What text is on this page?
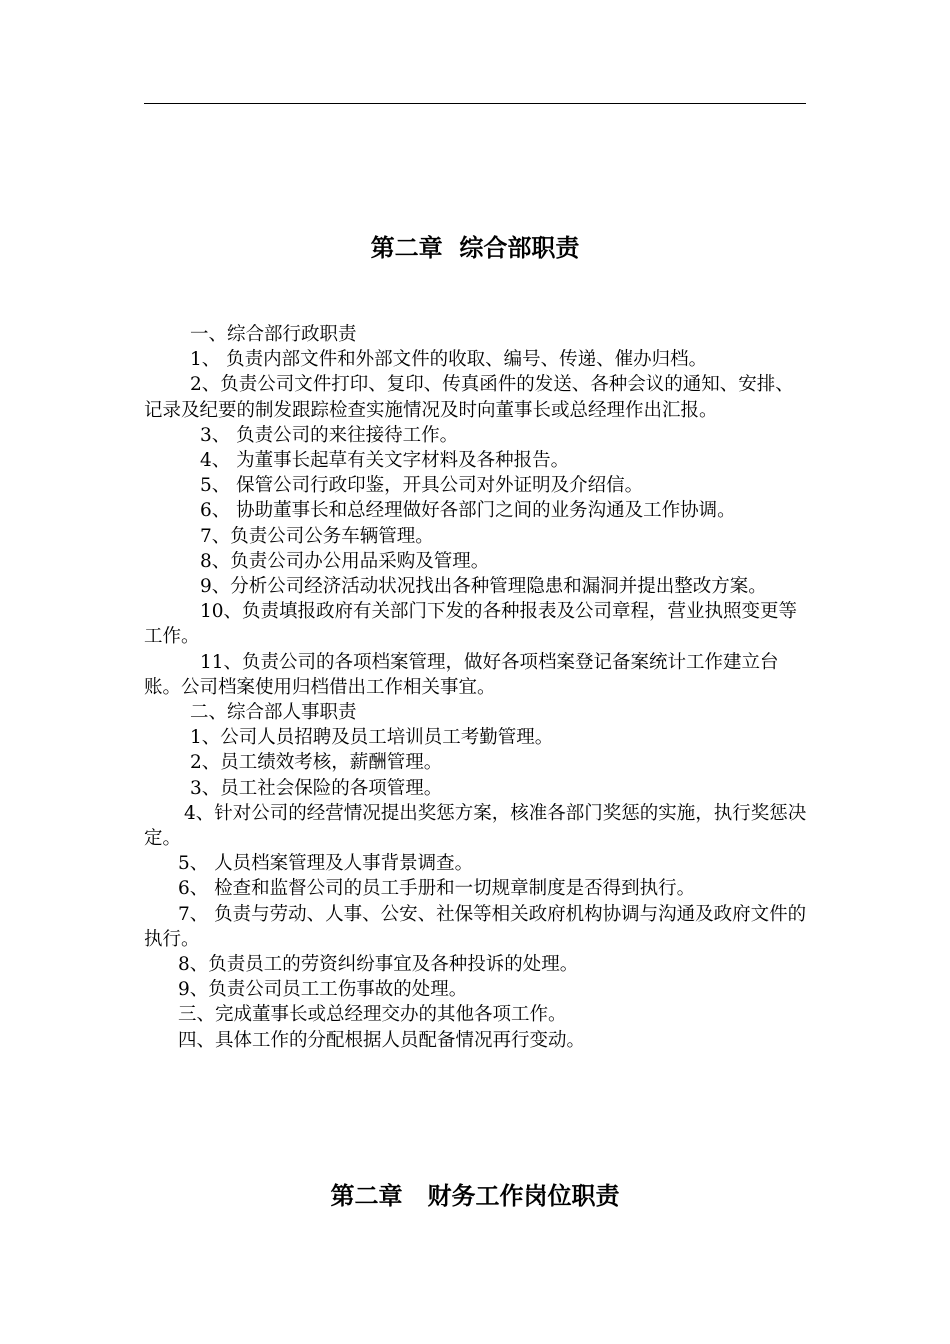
第二章  综合部职责

一、综合部行政职责

1、 负责内部文件和外部文件的收取、编号、传递、催办归档。

2、负责公司文件打印、复印、传真函件的发送、各种会议的通知、安排、记录及纪要的制发跟踪检查实施情况及时向董事长或总经理作出汇报。

3、 负责公司的来往接待工作。

4、 为董事长起草有关文字材料及各种报告。

5、 保管公司行政印鉴，开具公司对外证明及介绍信。

6、 协助董事长和总经理做好各部门之间的业务沟通及工作协调。

7、负责公司公务车辆管理。

8、负责公司办公用品采购及管理。

9、分析公司经济活动状况找出各种管理隐患和漏洞并提出整改方案。

10、负责填报政府有关部门下发的各种报表及公司章程，营业执照变更等工作。

11、负责公司的各项档案管理，做好各项档案登记备案统计工作建立台账。公司档案使用归档借出工作相关事宜。

二、综合部人事职责

1、公司人员招聘及员工培训员工考勤管理。

2、员工绩效考核，薪酬管理。

3、员工社会保险的各项管理。

4、针对公司的经营情况提出奖惩方案，核准各部门奖惩的实施，执行奖惩决定。

5、 人员档案管理及人事背景调查。

6、 检查和监督公司的员工手册和一切规章制度是否得到执行。

7、 负责与劳动、人事、公安、社保等相关政府机构协调与沟通及政府文件的执行。

8、负责员工的劳资纠纷事宜及各种投诉的处理。

9、负责公司员工工伤事故的处理。

三、完成董事长或总经理交办的其他各项工作。

四、具体工作的分配根据人员配备情况再行变动。

第二章   财务工作岗位职责
